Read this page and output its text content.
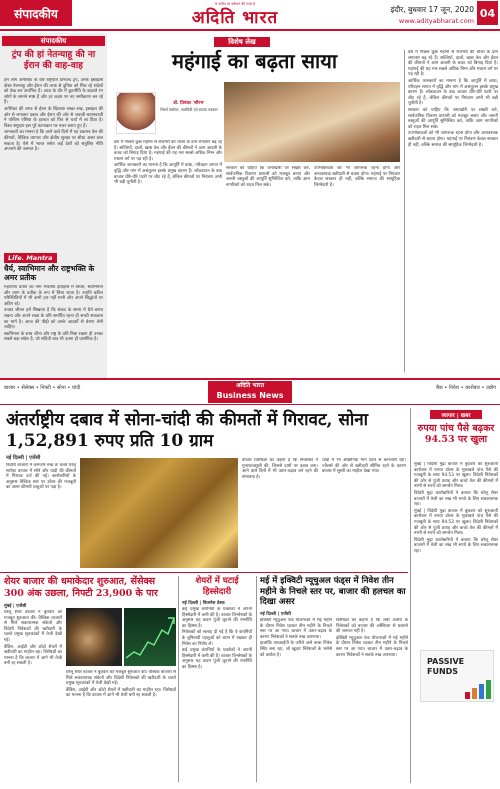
संपादकीय
ये अतीत पर वर्तमान की नजर है
अदिति भारत	इंदौर, बुधवार 17 जून, 2020
www.adityabharat.com
04
संपादकीय
ट्रंप की हां नेतन्याहू की ना ईरान की वाह-वाह

हम लोग अमेरिका के वीर राष्ट्रपति डोनाल्ड ट्रंप, उनके इस्राइली दोस्त नेतन्याहू और ईरान की तरफ से दुनिया को मिल रहे संदेशों को देख कर अचंभित हैं। आज के दौर में कूटनीति के बदलते रंग लोगों के सामने स्पष्ट हैं और हर कदम पर नए समीकरण बन रहे हैं।

अमेरिका की तरफ से ईरान के खिलाफ सख्त रुख, इस्राइल की ओर से लगातार दबाव और ईरान की ओर से जवाबी बयानबाजी ने पश्चिम एशिया के हालात को फिर से चर्चा में ला दिया है। विश्व समुदाय इस पूरे घटनाक्रम पर नजर बनाए हुए है।

जानकारों का मानना है कि आने वाले दिनों में यह टकराव तेल की कीमतों, वैश्विक व्यापार और क्षेत्रीय सुरक्षा पर सीधा असर डाल सकता है। ऐसे में भारत समेत कई देशों को संतुलित नीति अपनाने की जरूरत है।

Life. Mantra
धैर्य, स्वाभिमान और राष्ट्रभक्ति के अमर प्रतीक

महाराणा प्रताप का नाम भारतीय इतिहास में वीरता, स्वाभिमान और त्याग के प्रतीक के रूप में लिया जाता है। उन्होंने कठिन परिस्थितियों में भी कभी हार नहीं मानी और अपने सिद्धांतों पर अडिग रहे।

उनका जीवन हमें सिखाता है कि संकट के समय में धैर्य बनाए रखना और अपने लक्ष्य के प्रति समर्पित रहना ही सच्ची सफलता का मार्ग है। आज की पीढ़ी को उनके आदर्शों से प्रेरणा लेनी चाहिए।

स्वाभिमान के साथ जीना और राष्ट्र के प्रति निष्ठा रखना ही उनका सबसे बड़ा संदेश है, जो सदियों बाद भी उतना ही प्रासंगिक है।

विशेष लेख
महंगाई का बढ़ता साया
डॉ. प्रियंका 'सौरभ'
रिसर्च स्कॉलर, कवयित्री एवं स्वतंत्र पत्रकार

देश में पिछले कुछ महीनों से रोजमर्रा की चीजों के दाम लगातार बढ़ रहे हैं। सब्जियों, दालों, खाद्य तेल और ईंधन की कीमतों ने आम आदमी के बजट को बिगाड़ दिया है। महंगाई की यह मार सबसे अधिक निम्न और मध्यम वर्ग पर पड़ रही है।

आर्थिक जानकारों का मानना है कि आपूर्ति में बाधा, परिवहन लागत में वृद्धि और मांग में असंतुलन इसके प्रमुख कारण हैं। लॉकडाउन के बाद बाजार धीरे-धीरे पटरी पर लौट रहे हैं, लेकिन कीमतों पर नियंत्रण अभी भी बड़ी चुनौती है।

सरकार को चाहिए कि जमाखोरी पर सख्ती करे, सार्वजनिक वितरण प्रणाली को मजबूत बनाए और जरूरी वस्तुओं की आपूर्ति सुनिश्चित करे, ताकि आम नागरिकों को राहत मिल सके।

उपभोक्ताओं को भी जागरूक रहना होगा और अनावश्यक खरीदारी से बचना होगा। महंगाई पर नियंत्रण केवल सरकार ही नहीं, बल्कि समाज की सामूहिक जिम्मेदारी है।

देश में पिछले कुछ महीनों से रोजमर्रा की चीजों के दाम लगातार बढ़ रहे हैं। सब्जियों, दालों, खाद्य तेल और ईंधन की कीमतों ने आम आदमी के बजट को बिगाड़ दिया है। महंगाई की यह मार सबसे अधिक निम्न और मध्यम वर्ग पर पड़ रही है।

आर्थिक जानकारों का मानना है कि आपूर्ति में बाधा, परिवहन लागत में वृद्धि और मांग में असंतुलन इसके प्रमुख कारण हैं। लॉकडाउन के बाद बाजार धीरे-धीरे पटरी पर लौट रहे हैं, लेकिन कीमतों पर नियंत्रण अभी भी बड़ी चुनौती है।

सरकार को चाहिए कि जमाखोरी पर सख्ती करे, सार्वजनिक वितरण प्रणाली को मजबूत बनाए और जरूरी वस्तुओं की आपूर्ति सुनिश्चित करे, ताकि आम नागरिकों को राहत मिल सके।

उपभोक्ताओं को भी जागरूक रहना होगा और अनावश्यक खरीदारी से बचना होगा। महंगाई पर नियंत्रण केवल सरकार ही नहीं, बल्कि समाज की सामूहिक जिम्मेदारी है।

बाजार • सेंसेक्स • निफ्टी • सोना • चांदी	अदिति भारत
Business News
बैंक • निवेश • कारोबार • उद्योग
अंतर्राष्ट्रीय दबाव में सोना-चांदी की कीमतों में गिरावट, सोना 1,52,891 रुपए प्रति 10 ग्राम
नई दिल्ली | एजेंसी

विदेशी बाजारों में कमजोर रुख के चलते घरेलू सर्राफा बाजार में सोने और चांदी की कीमतों में गिरावट दर्ज की गई। कारोबारियों के अनुसार वैश्विक स्तर पर डॉलर की मजबूती का असर कीमती धातुओं पर पड़ा है।

बाजार विशेषज्ञों का कहना है कि निवेशकों ने मुनाफावसूली की, जिससे दामों पर दबाव बना। आने वाले दिनों में भी उतार-चढ़ाव बने रहने की संभावना है।

चांदी में भी औद्योगिक मांग घटने से कमजोरी रही। ज्वैलर्स की ओर से खरीदारी सीमित रहने के कारण बाजार में सुस्ती का माहौल देखा गया।

व्यापार | खबर
रुपया पांच पैसे बढ़कर 94.53 पर खुला

मुंबई | विदेशी मुद्रा बाजार में बुधवार को शुरुआती कारोबार में रुपया डॉलर के मुकाबले पांच पैसे की मजबूती के साथ 94.53 पर खुला। विदेशी निवेशकों की ओर से पूंजी प्रवाह और कच्चे तेल की कीमतों में नरमी से रुपये को समर्थन मिला।

विदेशी मुद्रा कारोबारियों ने बताया कि घरेलू शेयर बाजारों में तेजी का रुख भी रुपये के लिए सकारात्मक रहा।

मुंबई | विदेशी मुद्रा बाजार में बुधवार को शुरुआती कारोबार में रुपया डॉलर के मुकाबले पांच पैसे की मजबूती के साथ 94.53 पर खुला। विदेशी निवेशकों की ओर से पूंजी प्रवाह और कच्चे तेल की कीमतों में नरमी से रुपये को समर्थन मिला।

विदेशी मुद्रा कारोबारियों ने बताया कि घरेलू शेयर बाजारों में तेजी का रुख भी रुपये के लिए सकारात्मक रहा।

शेयर बाजार की धमाकेदार शुरुआत, सेंसेक्स 300 अंक उछला, निफ्टी 23,900 के पार
मुंबई | एजेंसी

घरेलू शेयर बाजार ने बुधवार को मजबूत शुरुआत की। वैश्विक बाजारों से मिले सकारात्मक संकेतों और विदेशी निवेशकों की खरीदारी के चलते प्रमुख सूचकांकों में तेजी देखी गई।

बैंकिंग, आईटी और ऑटो शेयरों में खरीदारी का माहौल रहा। विशेषज्ञों का मानना है कि बाजार में आगे भी तेजी बनी रह सकती है।

घरेलू शेयर बाजार ने बुधवार को मजबूत शुरुआत की। वैश्विक बाजारों से मिले सकारात्मक संकेतों और विदेशी निवेशकों की खरीदारी के चलते प्रमुख सूचकांकों में तेजी देखी गई।

बैंकिंग, आईटी और ऑटो शेयरों में खरीदारी का माहौल रहा। विशेषज्ञों का मानना है कि बाजार में आगे भी तेजी बनी रह सकती है।

शेयरों में घटाई हिस्सेदारी
नई दिल्ली | बिजनेस डेस्क

कई प्रमुख कंपनियों के प्रवर्तकों ने अपनी हिस्सेदारी में कमी की है। बाजार विश्लेषकों के अनुसार यह कदम पूंजी जुटाने की रणनीति का हिस्सा है।

निवेशकों को सलाह दी गई है कि वे कंपनियों के बुनियादी पहलुओं को ध्यान में रखकर ही निवेश का निर्णय लें।

कई प्रमुख कंपनियों के प्रवर्तकों ने अपनी हिस्सेदारी में कमी की है। बाजार विश्लेषकों के अनुसार यह कदम पूंजी जुटाने की रणनीति का हिस्सा है।

मई में इक्विटी म्यूचुअल फंड्स में निवेश तीन महीने के निचले स्तर पर, बाजार की हलचल का दिखा असर
नई दिल्ली | एजेंसी

इक्विटी म्यूचुअल फंड योजनाओं में मई महीने के दौरान निवेश घटकर तीन महीने के निचले स्तर पर आ गया। बाजार में उतार-चढ़ाव के कारण निवेशकों ने सतर्क रुख अपनाया।

हालांकि एसआईपी के जरिये आने वाला निवेश स्थिर बना रहा, जो खुदरा निवेशकों के भरोसे को दर्शाता है।

विशेषज्ञों का कहना है कि लंबी अवधि के निवेशकों को बाजार की अस्थिरता से घबराने की जरूरत नहीं है।

इक्विटी म्यूचुअल फंड योजनाओं में मई महीने के दौरान निवेश घटकर तीन महीने के निचले स्तर पर आ गया। बाजार में उतार-चढ़ाव के कारण निवेशकों ने सतर्क रुख अपनाया।

PASSIVE
FUNDS
